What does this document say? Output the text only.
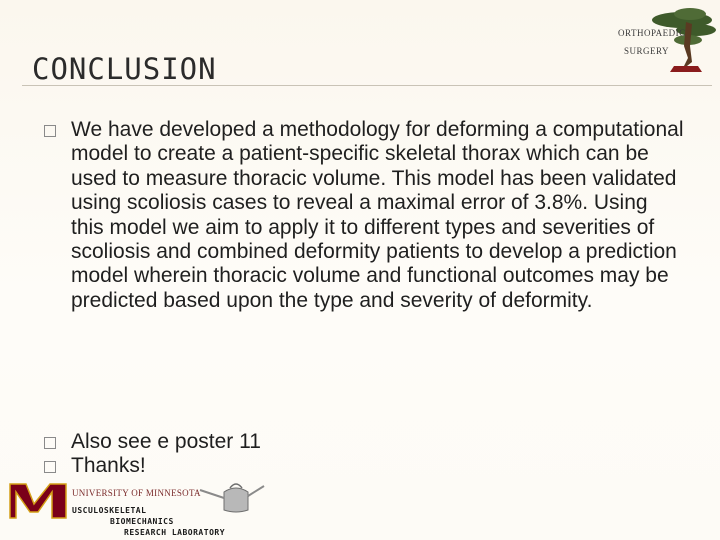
ORTHOPAEDIC
SURGERY
CONCLUSION
We have developed a methodology for deforming a computational model to create a patient-specific skeletal thorax which can be used to measure thoracic volume. This model has been validated using scoliosis cases to reveal a maximal error of 3.8%. Using this model we aim to apply it to different types and severities of scoliosis and combined deformity patients to develop a prediction model wherein thoracic volume and functional outcomes may be predicted based upon the type and severity of deformity.
Also see e poster 11
Thanks!
UNIVERSITY OF MINNESOTA
USCULOSKELETAL
BIOMECHANICS
RESEARCH LABORATORY
